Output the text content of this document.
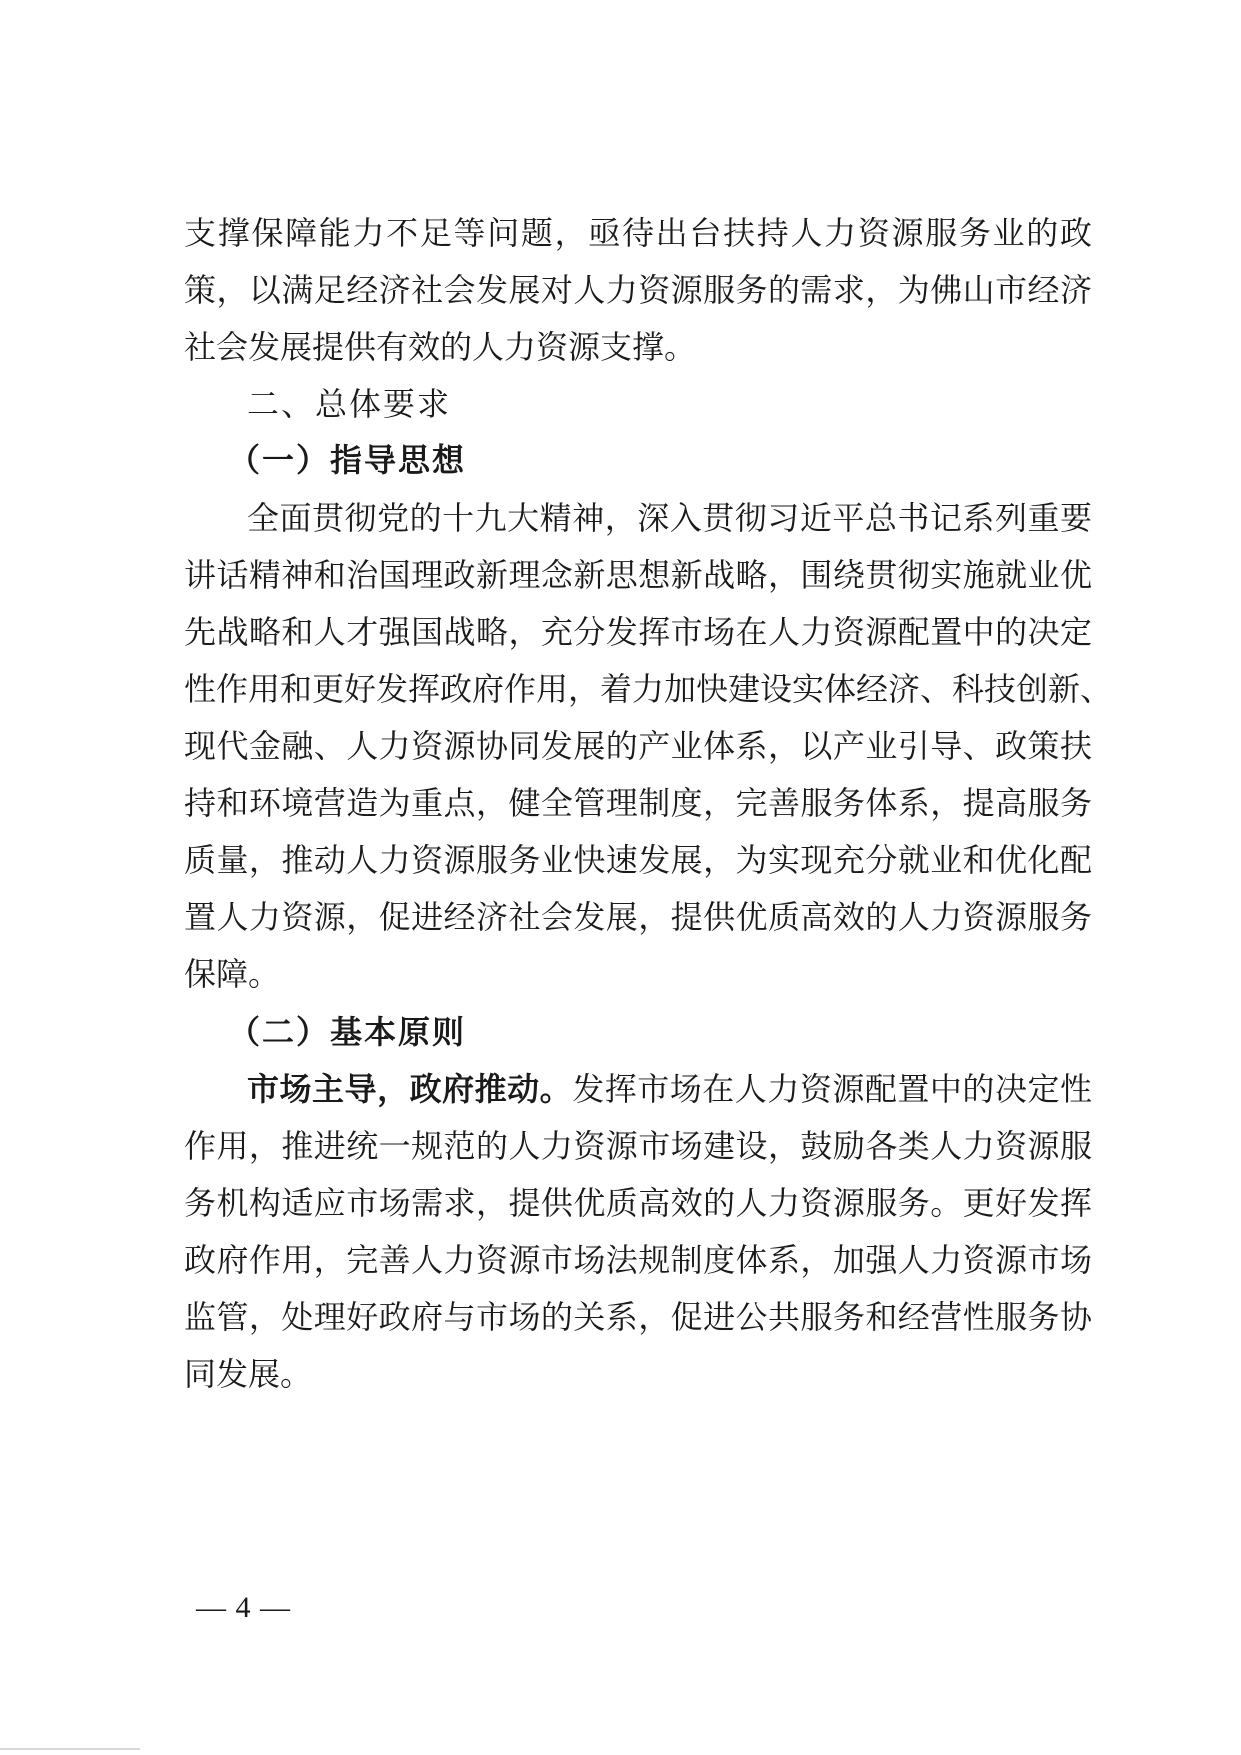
支撑保障能力不足等问题，亟待出台扶持人力资源服务业的政
策，以满足经济社会发展对人力资源服务的需求，为佛山市经济
社会发展提供有效的人力资源支撑。
二、总体要求
（一）指导思想
全面贯彻党的十九大精神，深入贯彻习近平总书记系列重要
讲话精神和治国理政新理念新思想新战略，围绕贯彻实施就业优
先战略和人才强国战略，充分发挥市场在人力资源配置中的决定
性作用和更好发挥政府作用，着力加快建设实体经济、科技创新、
现代金融、人力资源协同发展的产业体系，以产业引导、政策扶
持和环境营造为重点，健全管理制度，完善服务体系，提高服务
质量，推动人力资源服务业快速发展，为实现充分就业和优化配
置人力资源，促进经济社会发展，提供优质高效的人力资源服务
保障。
（二）基本原则
市场主导，政府推动。发挥市场在人力资源配置中的决定性
作用，推进统一规范的人力资源市场建设，鼓励各类人力资源服
务机构适应市场需求，提供优质高效的人力资源服务。更好发挥
政府作用，完善人力资源市场法规制度体系，加强人力资源市场
监管，处理好政府与市场的关系，促进公共服务和经营性服务协
同发展。
— 4 —
